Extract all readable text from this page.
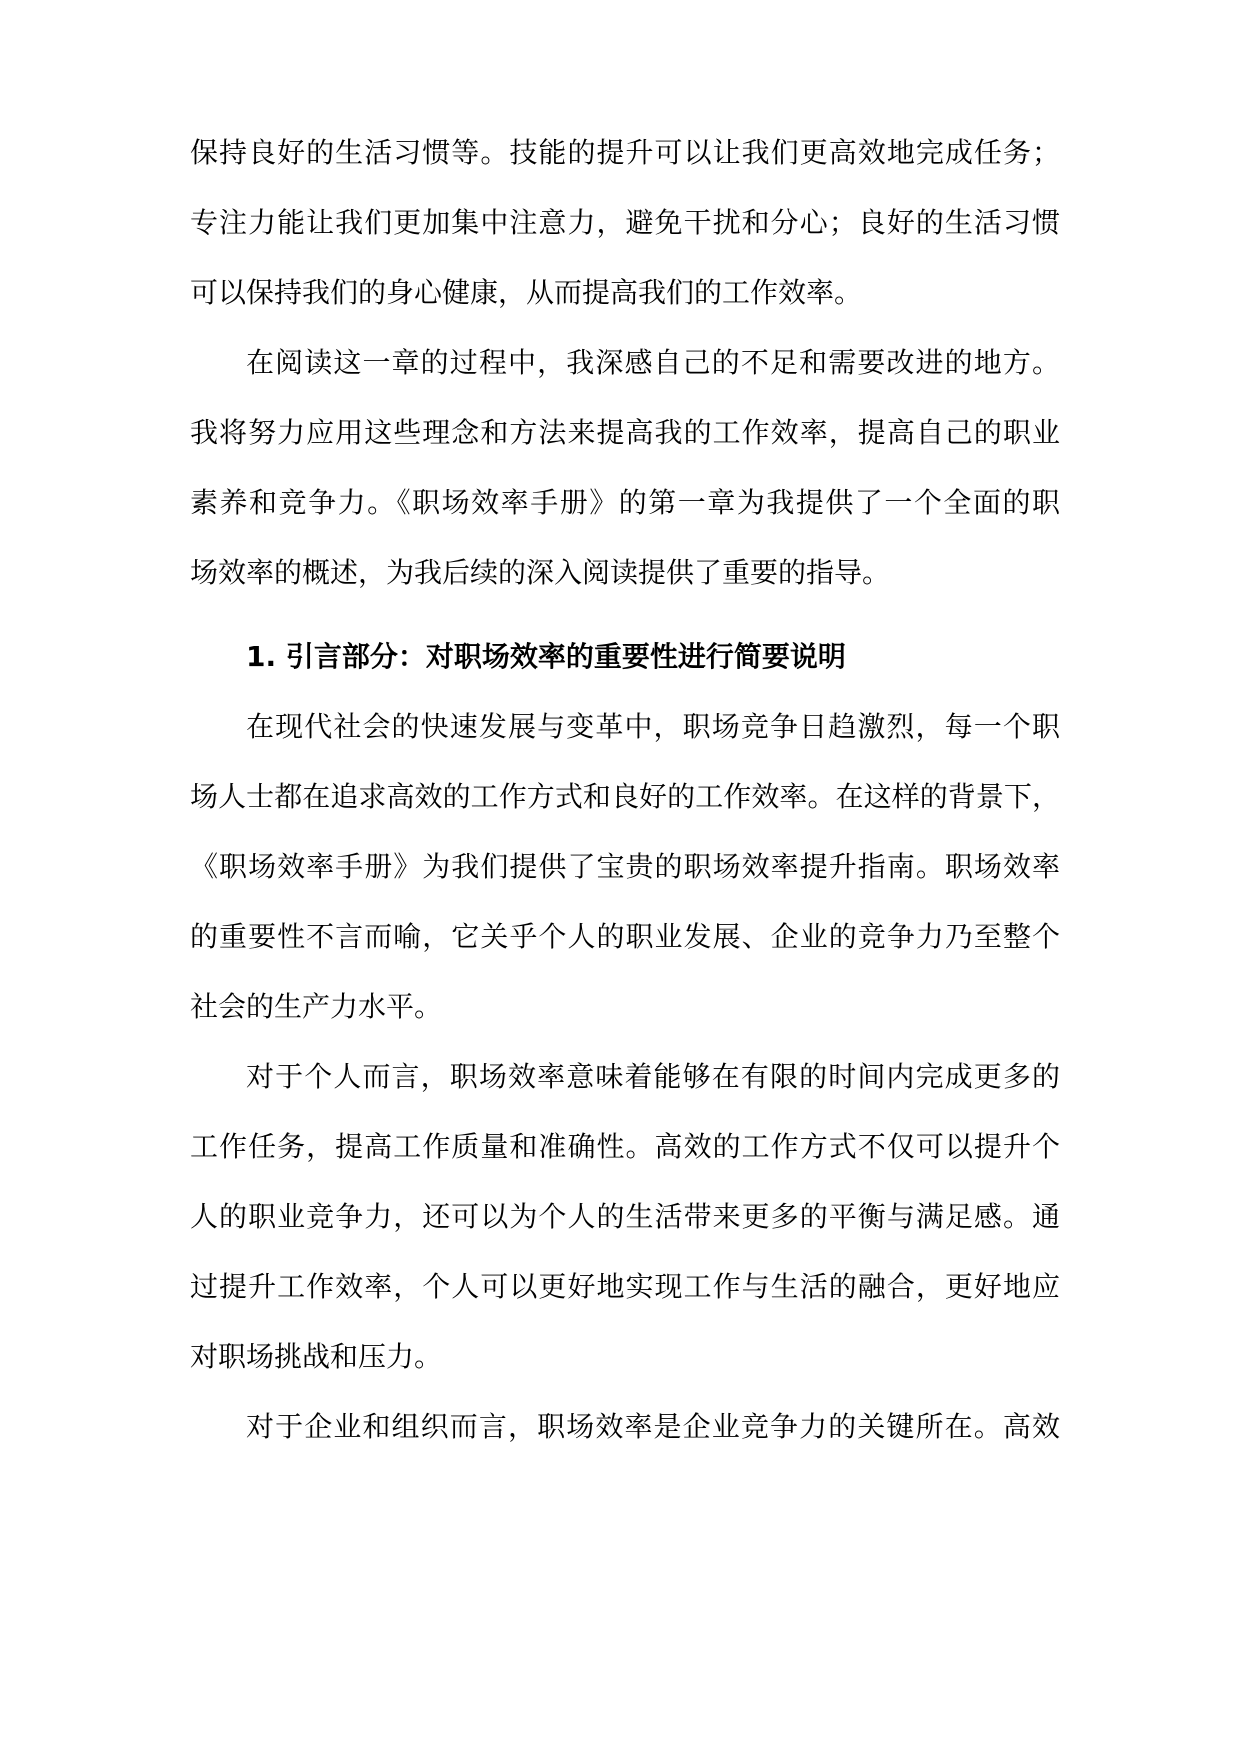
保持良好的生活习惯等。技能的提升可以让我们更高效地完成任务；
专注力能让我们更加集中注意力，避免干扰和分心；良好的生活习惯
可以保持我们的身心健康，从而提高我们的工作效率。
在阅读这一章的过程中，我深感自己的不足和需要改进的地方。
我将努力应用这些理念和方法来提高我的工作效率，提高自己的职业
素养和竞争力。《职场效率手册》的第一章为我提供了一个全面的职
场效率的概述，为我后续的深入阅读提供了重要的指导。
1. 引言部分：对职场效率的重要性进行简要说明
在现代社会的快速发展与变革中，职场竞争日趋激烈，每一个职
场人士都在追求高效的工作方式和良好的工作效率。在这样的背景下，
《职场效率手册》为我们提供了宝贵的职场效率提升指南。职场效率
的重要性不言而喻，它关乎个人的职业发展、企业的竞争力乃至整个
社会的生产力水平。
对于个人而言，职场效率意味着能够在有限的时间内完成更多的
工作任务，提高工作质量和准确性。高效的工作方式不仅可以提升个
人的职业竞争力，还可以为个人的生活带来更多的平衡与满足感。通
过提升工作效率，个人可以更好地实现工作与生活的融合，更好地应
对职场挑战和压力。
对于企业和组织而言，职场效率是企业竞争力的关键所在。高效
